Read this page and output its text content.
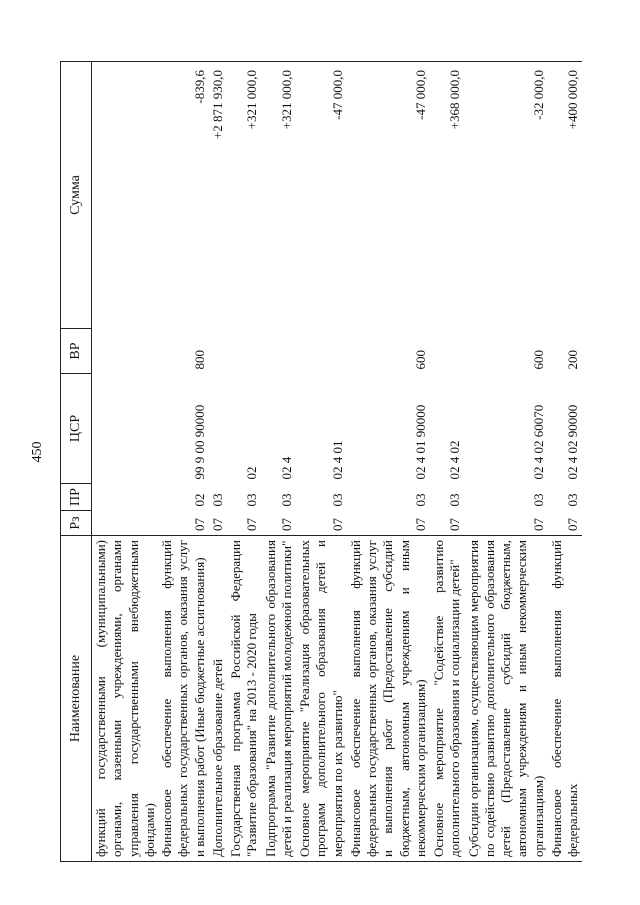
450
Наименование	Рз	ПР	ЦСР	ВР	Сумма
функций государственными (муниципальными) органами, казенными учреждениями, органами управления государственными внебюджетными фондами)					
Финансовое обеспечение выполнения функций федеральных государственных органов, оказания услуг и выполнения работ (Иные бюджетные ассигнования)	07	02	99 9 00 90000	800	-839,6
Дополнительное образование детей	07	03			+2 871 930,0
Государственная программа Российской Федерации "Развитие образования" на 2013 - 2020 годы	07	03	02		+321 000,0
Подпрограмма "Развитие дополнительного образования детей и реализация мероприятий молодежной политики"	07	03	02 4		+321 000,0
Основное мероприятие "Реализация образовательных программ дополнительного образования детей и мероприятия по их развитию"	07	03	02 4 01		-47 000,0
Финансовое обеспечение выполнения функций федеральных государственных органов, оказания услуг и выполнения работ (Предоставление субсидий бюджетным, автономным учреждениям и иным некоммерческим организациям)	07	03	02 4 01 90000	600	-47 000,0
Основное мероприятие "Содействие развитию дополнительного образования и социализации детей"	07	03	02 4 02		+368 000,0
Субсидии организациям, осуществляющим мероприятия по содействию развитию дополнительного образования детей (Предоставление субсидий бюджетным, автономным учреждениям и иным некоммерческим организациям)	07	03	02 4 02 60070	600	-32 000,0
Финансовое обеспечение выполнения функций федеральных	07	03	02 4 02 90000	200	+400 000,0
